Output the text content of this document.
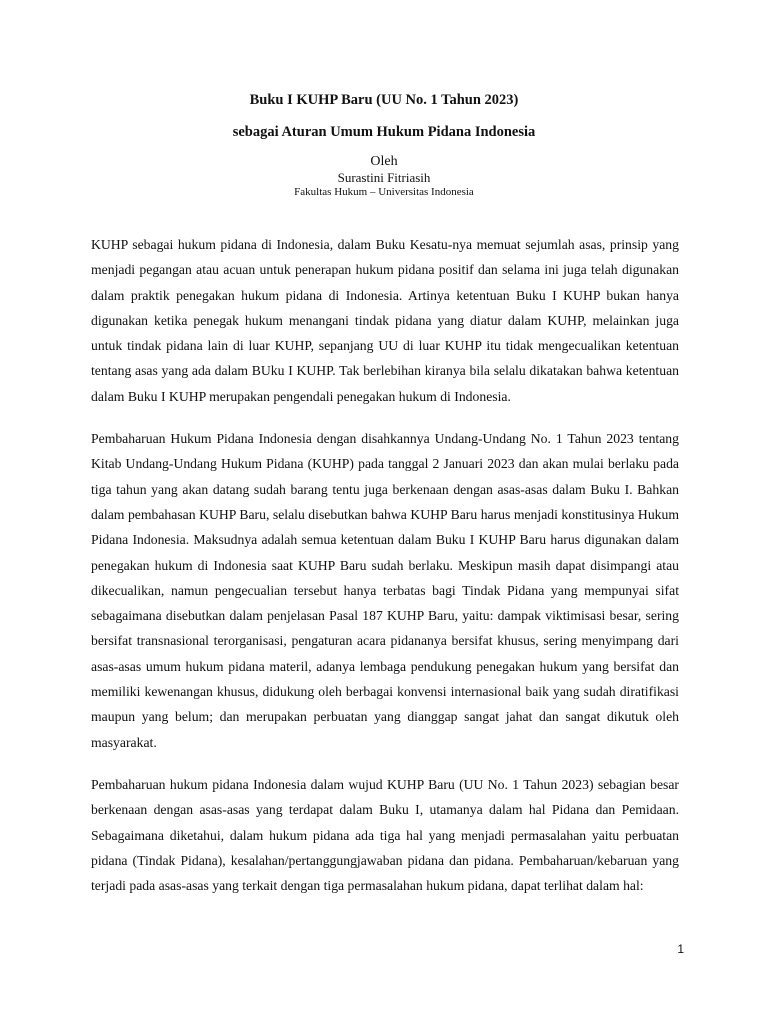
Buku I KUHP Baru (UU No. 1 Tahun 2023)
sebagai Aturan Umum Hukum Pidana Indonesia
Oleh
Surastini Fitriasih
Fakultas Hukum – Universitas Indonesia

KUHP sebagai hukum pidana di Indonesia, dalam Buku Kesatu-nya memuat sejumlah asas, prinsip yang menjadi pegangan atau acuan untuk penerapan hukum pidana positif dan selama ini juga telah digunakan dalam praktik penegakan hukum pidana di Indonesia. Artinya ketentuan Buku I KUHP bukan hanya digunakan ketika penegak hukum menangani tindak pidana yang diatur dalam KUHP, melainkan juga untuk tindak pidana lain di luar KUHP, sepanjang UU di luar KUHP itu tidak mengecualikan ketentuan tentang asas yang ada dalam BUku I KUHP. Tak berlebihan kiranya bila selalu dikatakan bahwa ketentuan dalam Buku I KUHP merupakan pengendali penegakan hukum di Indonesia.

Pembaharuan Hukum Pidana Indonesia dengan disahkannya Undang-Undang No. 1 Tahun 2023 tentang Kitab Undang-Undang Hukum Pidana (KUHP) pada tanggal 2 Januari 2023 dan akan mulai berlaku pada tiga tahun yang akan datang sudah barang tentu juga berkenaan dengan asas-asas dalam Buku I. Bahkan dalam pembahasan KUHP Baru, selalu disebutkan bahwa KUHP Baru harus menjadi konstitusinya Hukum Pidana Indonesia. Maksudnya adalah semua ketentuan dalam Buku I KUHP Baru harus digunakan dalam penegakan hukum di Indonesia saat KUHP Baru sudah berlaku. Meskipun masih dapat disimpangi atau dikecualikan, namun pengecualian tersebut hanya terbatas bagi Tindak Pidana yang mempunyai sifat sebagaimana disebutkan dalam penjelasan Pasal 187 KUHP Baru, yaitu: dampak viktimisasi besar, sering bersifat transnasional terorganisasi, pengaturan acara pidananya bersifat khusus, sering menyimpang dari asas-asas umum hukum pidana materil, adanya lembaga pendukung penegakan hukum yang bersifat dan memiliki kewenangan khusus, didukung oleh berbagai konvensi internasional baik yang sudah diratifikasi maupun yang belum; dan merupakan perbuatan yang dianggap sangat jahat dan sangat dikutuk oleh masyarakat.

Pembaharuan hukum pidana Indonesia dalam wujud KUHP Baru (UU No. 1 Tahun 2023) sebagian besar berkenaan dengan asas-asas yang terdapat dalam Buku I, utamanya dalam hal Pidana dan Pemidaan. Sebagaimana diketahui, dalam hukum pidana ada tiga hal yang menjadi permasalahan yaitu perbuatan pidana (Tindak Pidana), kesalahan/pertanggungjawaban pidana dan pidana. Pembaharuan/kebaruan yang terjadi pada asas-asas yang terkait dengan tiga permasalahan hukum pidana, dapat terlihat dalam hal:

1
